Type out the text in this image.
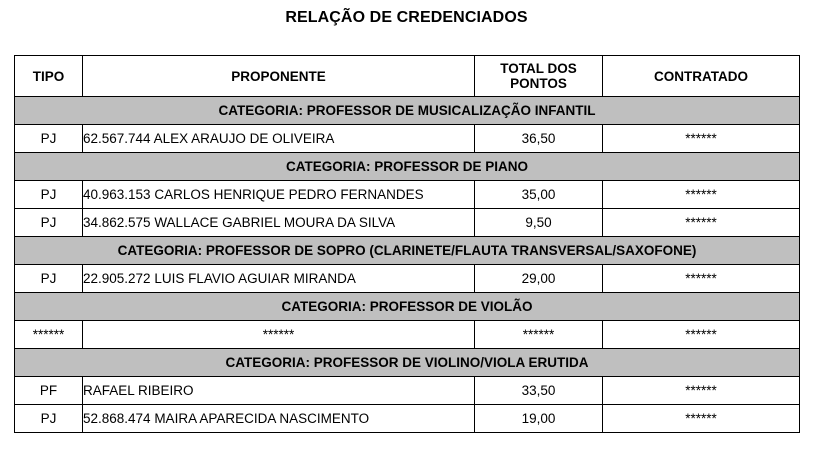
RELAÇÃO DE CREDENCIADOS
TIPO	PROPONENTE	TOTAL DOS PONTOS	CONTRATADO
CATEGORIA: PROFESSOR DE MUSICALIZAÇÃO INFANTIL			
PJ	62.567.744 ALEX ARAUJO DE OLIVEIRA	36,50	******
CATEGORIA: PROFESSOR DE PIANO			
PJ	40.963.153 CARLOS HENRIQUE PEDRO FERNANDES	35,00	******
PJ	34.862.575 WALLACE GABRIEL MOURA DA SILVA	9,50	******
CATEGORIA: PROFESSOR DE SOPRO (CLARINETE/FLAUTA TRANSVERSAL/SAXOFONE)			
PJ	22.905.272 LUIS FLAVIO AGUIAR MIRANDA	29,00	******
CATEGORIA: PROFESSOR DE VIOLÃO			
******	******	******	******
CATEGORIA: PROFESSOR DE VIOLINO/VIOLA ERUTIDA			
PF	RAFAEL RIBEIRO	33,50	******
PJ	52.868.474 MAIRA APARECIDA NASCIMENTO	19,00	******
